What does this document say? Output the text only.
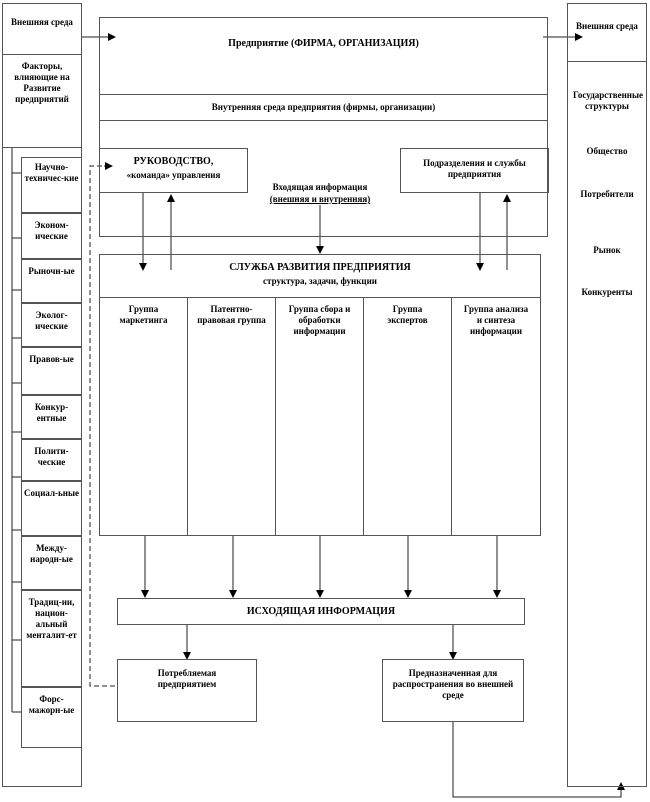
Внешняя среда
Факторы, влияющие на Развитие предприятий
Научно-техничес-кие
Эконом-ические
Рыночн-ые
Эколог-ические
Правов-ые
Конкур-ентные
Полити-ческие
Социал-ьные
Между-народн-ые
Традиц-ии, национ-альный менталит-ет
Форс-мажорн-ые
Внешняя среда
Государственные структуры
Общество
Потребители
Рынок
Конкуренты
Предприятие (ФИРМА, ОРГАНИЗАЦИЯ)
Внутренняя среда предприятия (фирмы, организации)
РУКОВОДСТВО,
«команда» управления
Подразделения и службы предприятия
Входящая информация
(внешняя и внутренняя)
СЛУЖБА РАЗВИТИЯ ПРЕДПРИЯТИЯ
структура, задачи, функции
Группа маркетинга
Патентно-правовая группа
Группа сбора и обработки информации
Группа экспертов
Группа анализа и синтеза информации
ИСХОДЯЩАЯ ИНФОРМАЦИЯ
Потребляемая предприятием
Предназначенная для распространения во внешней среде
